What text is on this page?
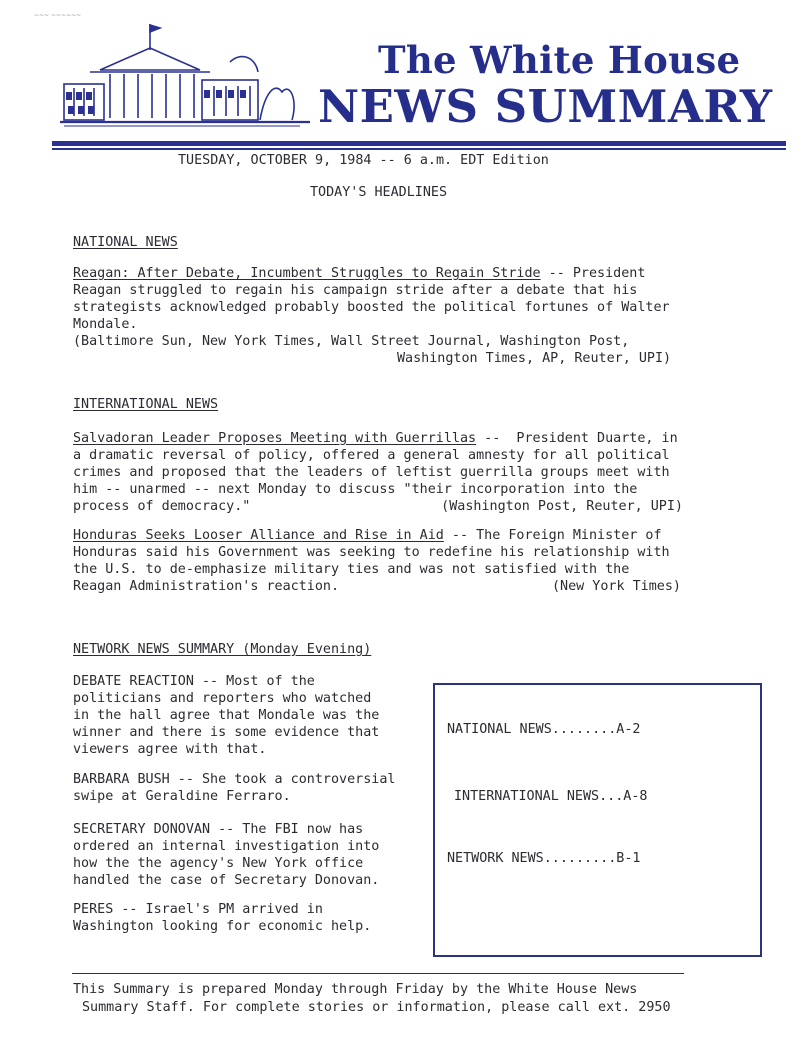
~~~ ~~~~~~
The White House
NEWS SUMMARY
TUESDAY, OCTOBER 9, 1984 -- 6 a.m. EDT Edition
TODAY'S HEADLINES
NATIONAL NEWS
Reagan: After Debate, Incumbent Struggles to Regain Stride -- President
Reagan struggled to regain his campaign stride after a debate that his
strategists acknowledged probably boosted the political fortunes of Walter
Mondale.
(Baltimore Sun, New York Times, Wall Street Journal, Washington Post,
Washington Times, AP, Reuter, UPI)
INTERNATIONAL NEWS
Salvadoran Leader Proposes Meeting with Guerrillas --  President Duarte, in
a dramatic reversal of policy, offered a general amnesty for all political
crimes and proposed that the leaders of leftist guerrilla groups meet with
him -- unarmed -- next Monday to discuss "their incorporation into the
process of democracy."	(Washington Post, Reuter, UPI)
Honduras Seeks Looser Alliance and Rise in Aid -- The Foreign Minister of
Honduras said his Government was seeking to redefine his relationship with
the U.S. to de-emphasize military ties and was not satisfied with the
Reagan Administration's reaction.	(New York Times)
NETWORK NEWS SUMMARY (Monday Evening)
DEBATE REACTION -- Most of the
politicians and reporters who watched
in the hall agree that Mondale was the
winner and there is some evidence that
viewers agree with that.
BARBARA BUSH -- She took a controversial
swipe at Geraldine Ferraro.
SECRETARY DONOVAN -- The FBI now has
ordered an internal investigation into
how the the agency's New York office
handled the case of Secretary Donovan.
PERES -- Israel's PM arrived in
Washington looking for economic help.
NATIONAL NEWS........A-2
INTERNATIONAL NEWS...A-8
NETWORK NEWS.........B-1
This Summary is prepared Monday through Friday by the White House News
Summary Staff. For complete stories or information, please call ext. 2950
